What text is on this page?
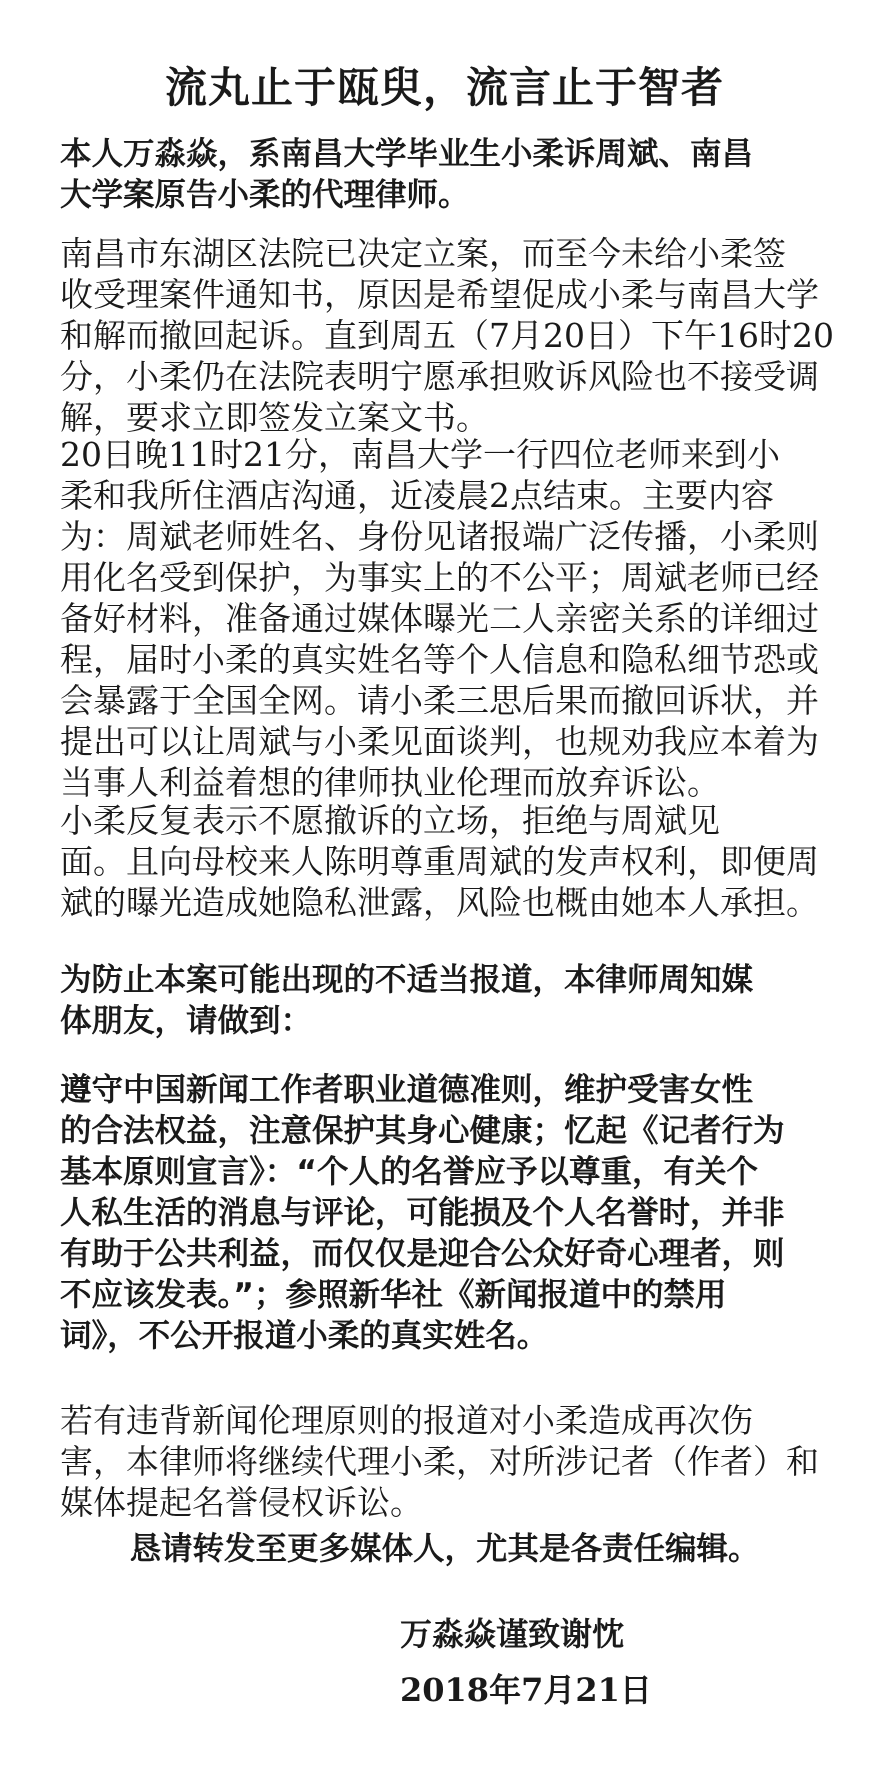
流丸止于瓯臾，流言止于智者
本人万淼焱，系南昌大学毕业生小柔诉周斌、南昌
大学案原告小柔的代理律师。
南昌市东湖区法院已决定立案，而至今未给小柔签
收受理案件通知书，原因是希望促成小柔与南昌大学
和解而撤回起诉。直到周五（7月20日）下午16时20
分，小柔仍在法院表明宁愿承担败诉风险也不接受调
解，要求立即签发立案文书。
20日晚11时21分，南昌大学一行四位老师来到小
柔和我所住酒店沟通，近凌晨2点结束。主要内容
为：周斌老师姓名、身份见诸报端广泛传播，小柔则
用化名受到保护，为事实上的不公平；周斌老师已经
备好材料，准备通过媒体曝光二人亲密关系的详细过
程，届时小柔的真实姓名等个人信息和隐私细节恐或
会暴露于全国全网。请小柔三思后果而撤回诉状，并
提出可以让周斌与小柔见面谈判，也规劝我应本着为
当事人利益着想的律师执业伦理而放弃诉讼。
小柔反复表示不愿撤诉的立场，拒绝与周斌见
面。且向母校来人陈明尊重周斌的发声权利，即便周
斌的曝光造成她隐私泄露，风险也概由她本人承担。
为防止本案可能出现的不适当报道，本律师周知媒
体朋友，请做到：
遵守中国新闻工作者职业道德准则，维护受害女性
的合法权益，注意保护其身心健康；忆起《记者行为
基本原则宣言》：“个人的名誉应予以尊重，有关个
人私生活的消息与评论，可能损及个人名誉时，并非
有助于公共利益，而仅仅是迎合公众好奇心理者，则
不应该发表。”；参照新华社《新闻报道中的禁用
词》，不公开报道小柔的真实姓名。
若有违背新闻伦理原则的报道对小柔造成再次伤
害，本律师将继续代理小柔，对所涉记者（作者）和
媒体提起名誉侵权诉讼。
恳请转发至更多媒体人，尤其是各责任编辑。
万淼焱谨致谢忱
2018年7月21日
